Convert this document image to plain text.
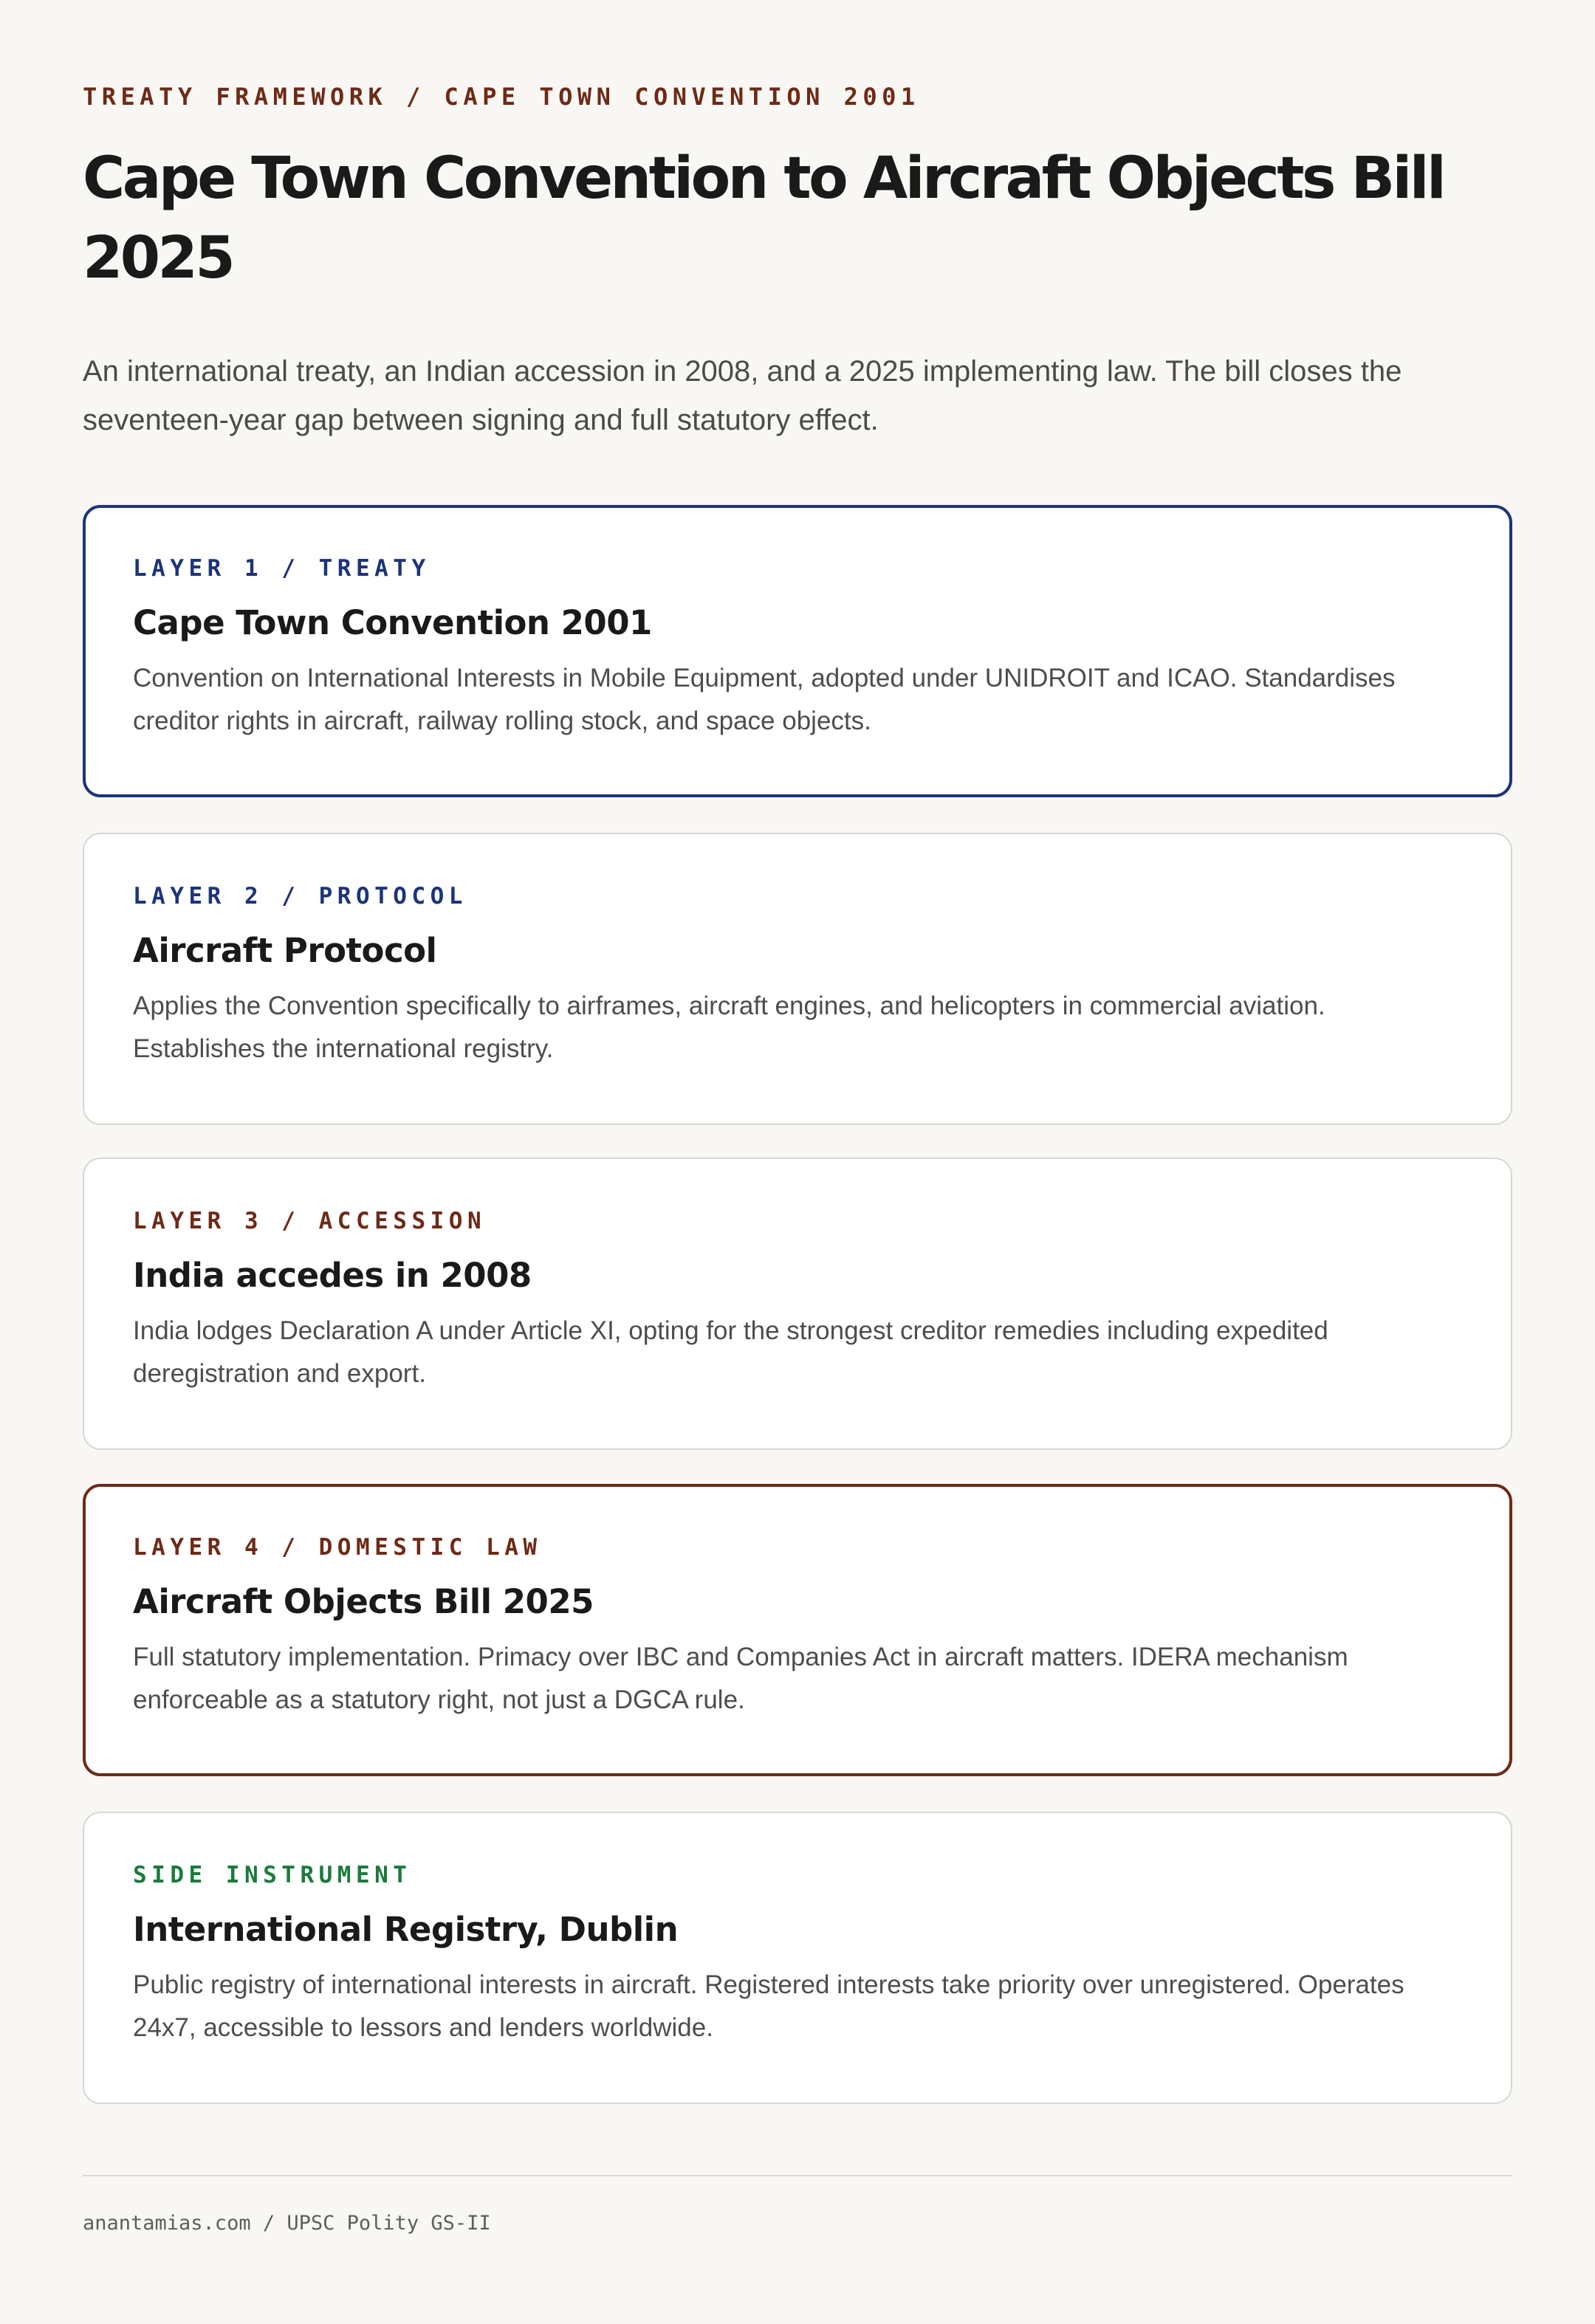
TREATY FRAMEWORK / CAPE TOWN CONVENTION 2001
Cape Town Convention to Aircraft Objects Bill 2025

An international treaty, an Indian accession in 2008, and a 2025 implementing law. The bill closes the seventeen-year gap between signing and full statutory effect.

LAYER 1 / TREATY
Cape Town Convention 2001
Convention on International Interests in Mobile Equipment, adopted under UNIDROIT and ICAO. Standardises creditor rights in aircraft, railway rolling stock, and space objects.
LAYER 2 / PROTOCOL
Aircraft Protocol
Applies the Convention specifically to airframes, aircraft engines, and helicopters in commercial aviation. Establishes the international registry.
LAYER 3 / ACCESSION
India accedes in 2008
India lodges Declaration A under Article XI, opting for the strongest creditor remedies including expedited deregistration and export.
LAYER 4 / DOMESTIC LAW
Aircraft Objects Bill 2025
Full statutory implementation. Primacy over IBC and Companies Act in aircraft matters. IDERA mechanism enforceable as a statutory right, not just a DGCA rule.
SIDE INSTRUMENT
International Registry, Dublin
Public registry of international interests in aircraft. Registered interests take priority over unregistered. Operates 24x7, accessible to lessors and lenders worldwide.
anantamias.com / UPSC Polity GS-II
